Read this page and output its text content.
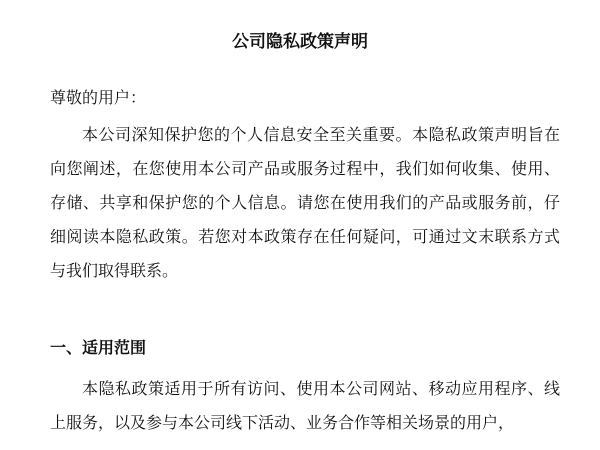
公司隐私政策声明
尊敬的用户：
本公司深知保护您的个人信息安全至关重要。本隐私政策声明旨在向您阐述，在您使用本公司产品或服务过程中，我们如何收集、使用、存储、共享和保护您的个人信息。请您在使用我们的产品或服务前，仔细阅读本隐私政策。若您对本政策存在任何疑问，可通过文末联系方式与我们取得联系。
一、适用范围
本隐私政策适用于所有访问、使用本公司网站、移动应用程序、线上服务，以及参与本公司线下活动、业务合作等相关场景的用户，
